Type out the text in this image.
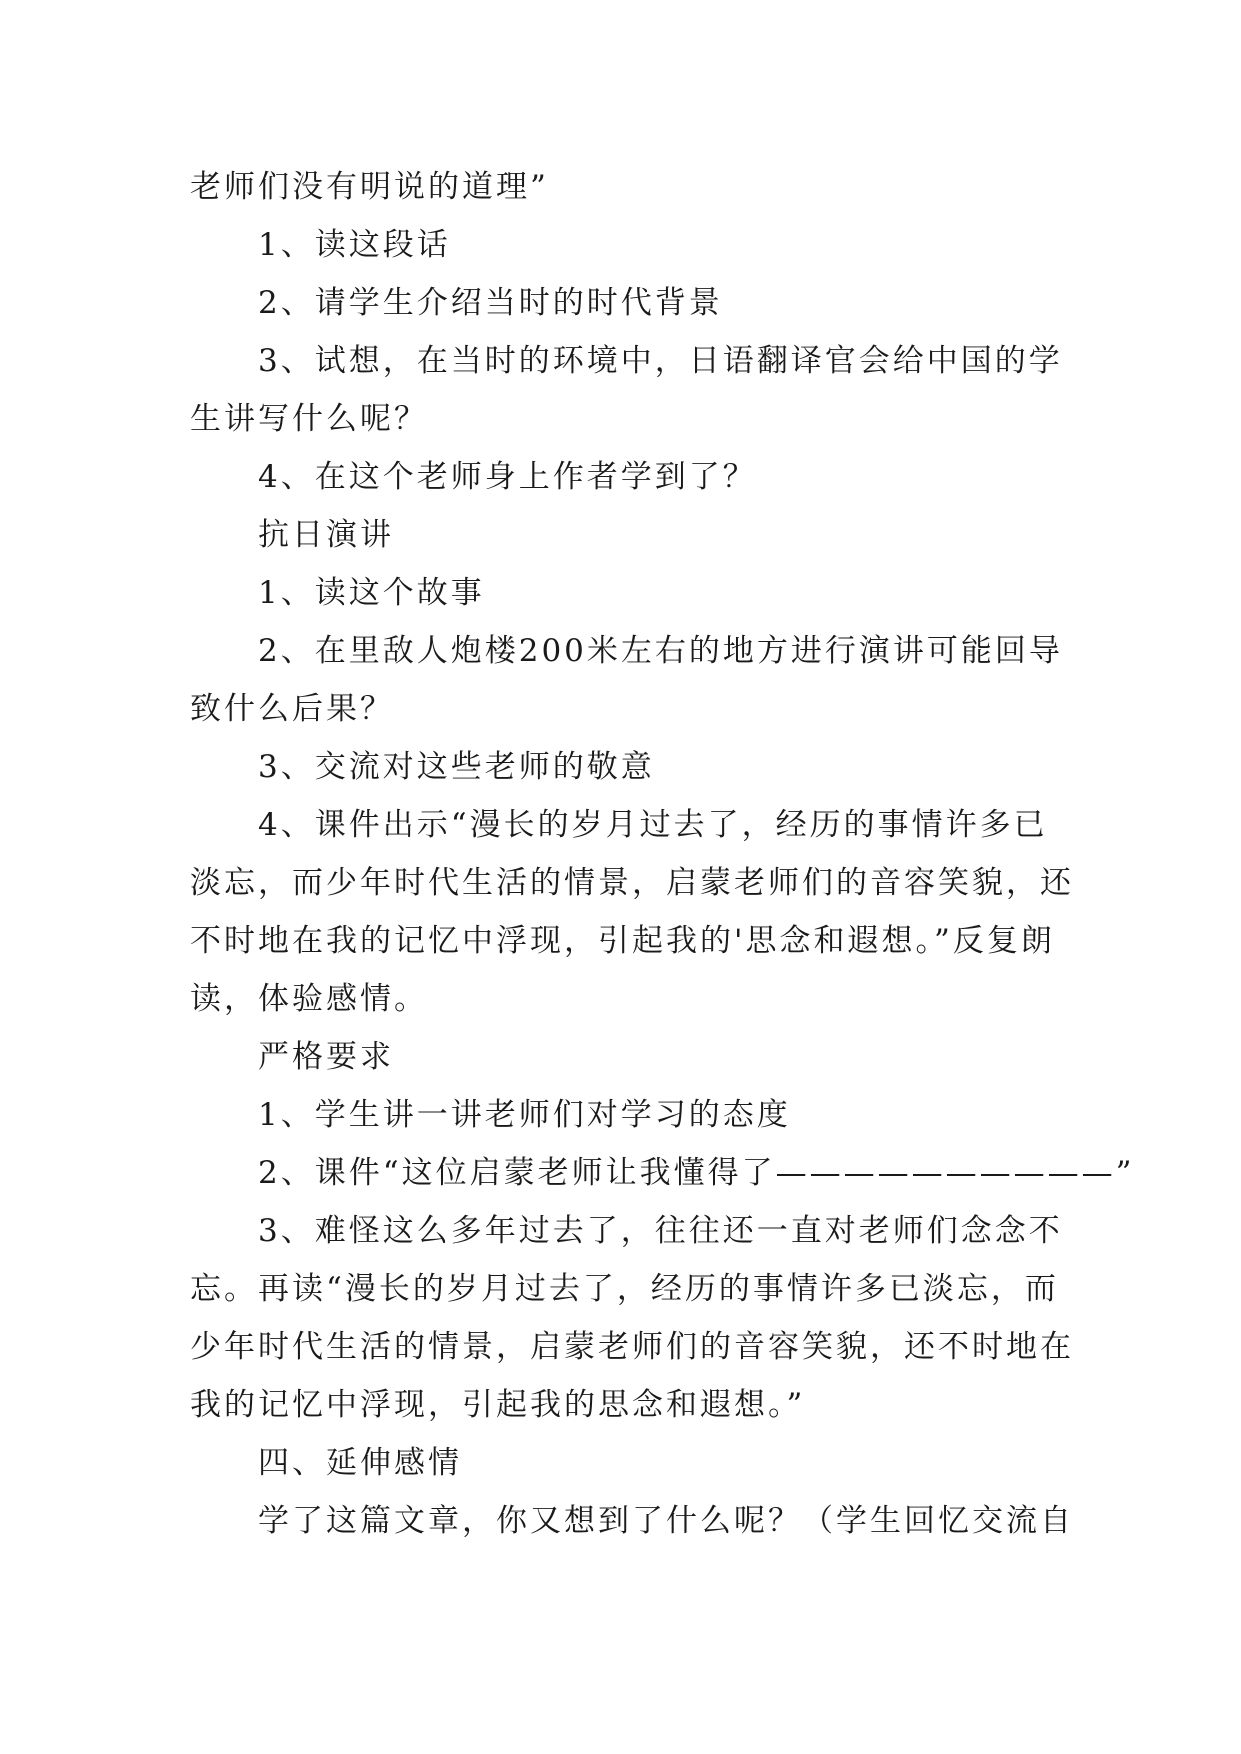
老师们没有明说的道理”
1、读这段话
2、请学生介绍当时的时代背景
3、试想，在当时的环境中，日语翻译官会给中国的学
生讲写什么呢？
4、在这个老师身上作者学到了？
抗日演讲
1、读这个故事
2、在里敌人炮楼200米左右的地方进行演讲可能回导
致什么后果？
3、交流对这些老师的敬意
4、课件出示“漫长的岁月过去了，经历的事情许多已
淡忘，而少年时代生活的情景，启蒙老师们的音容笑貌，还
不时地在我的记忆中浮现，引起我的'思念和遐想。”反复朗
读，体验感情。
严格要求
1、学生讲一讲老师们对学习的态度
2、课件“这位启蒙老师让我懂得了——————————”
3、难怪这么多年过去了，往往还一直对老师们念念不
忘。再读“漫长的岁月过去了，经历的事情许多已淡忘，而
少年时代生活的情景，启蒙老师们的音容笑貌，还不时地在
我的记忆中浮现，引起我的思念和遐想。”
四、延伸感情
学了这篇文章，你又想到了什么呢？（学生回忆交流自
